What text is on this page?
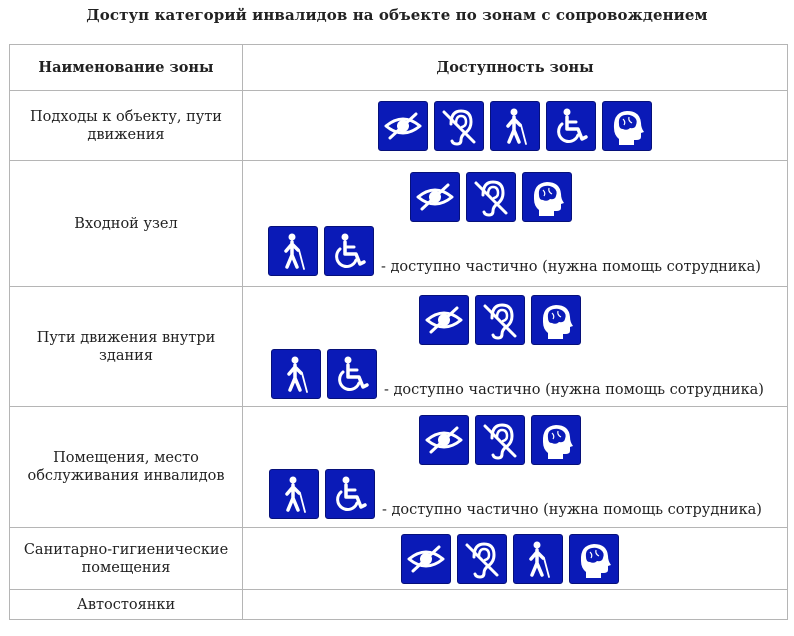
Доступ категорий инвалидов на объекте по зонам с сопровождением
Наименование зоны	Доступность зоны
Подходы к объекту, пути движения	

Входной узел	- доступно частично (нужна помощь сотрудника)

Пути движения внутри здания	- доступно частично (нужна помощь сотрудника)

Помещения, место обслуживания инвалидов	- доступно частично (нужна помощь сотрудника)

Санитарно-гигиенические помещения	

Автостоянки	
